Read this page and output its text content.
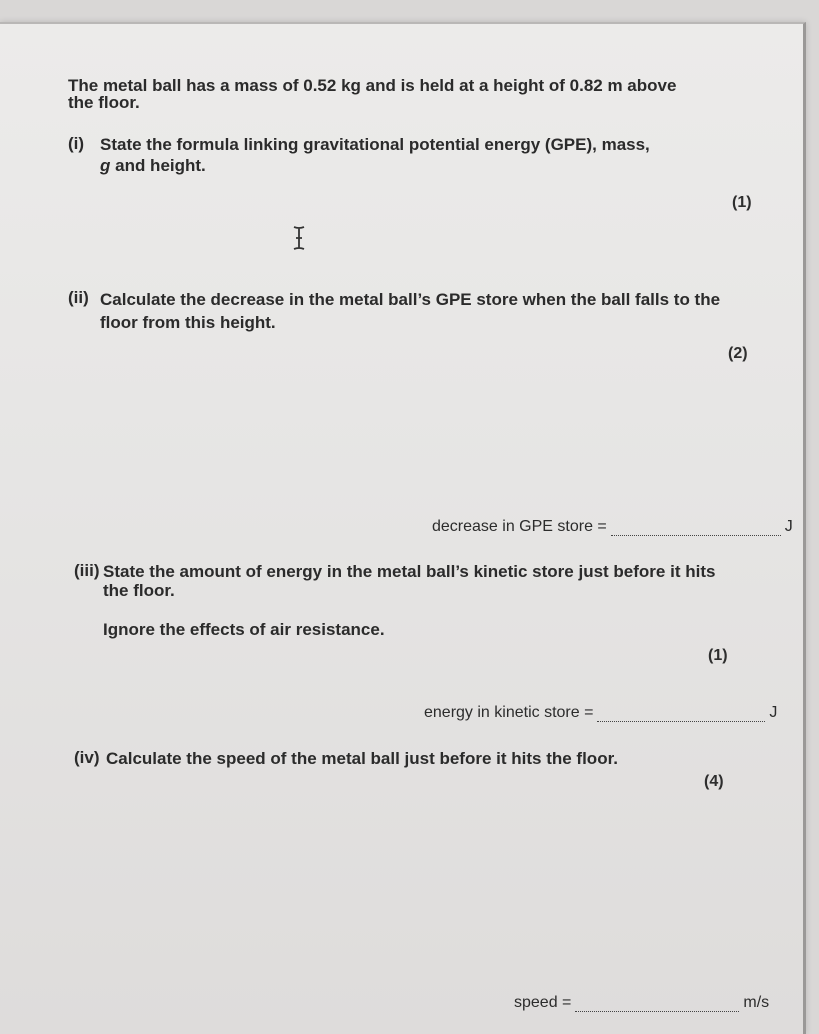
The metal ball has a mass of 0.52 kg and is held at a height of 0.82 m above
the floor.
(i) State the formula linking gravitational potential energy (GPE), mass,
g and height.
(1)
(ii) Calculate the decrease in the metal ball’s GPE store when the ball falls to the
floor from this height.
(2)
decrease in GPE store =	J
(iii) State the amount of energy in the metal ball’s kinetic store just before it hits
the floor.
Ignore the effects of air resistance.
(1)
energy in kinetic store =	J
(iv) Calculate the speed of the metal ball just before it hits the floor.
(4)
speed =	m/s
